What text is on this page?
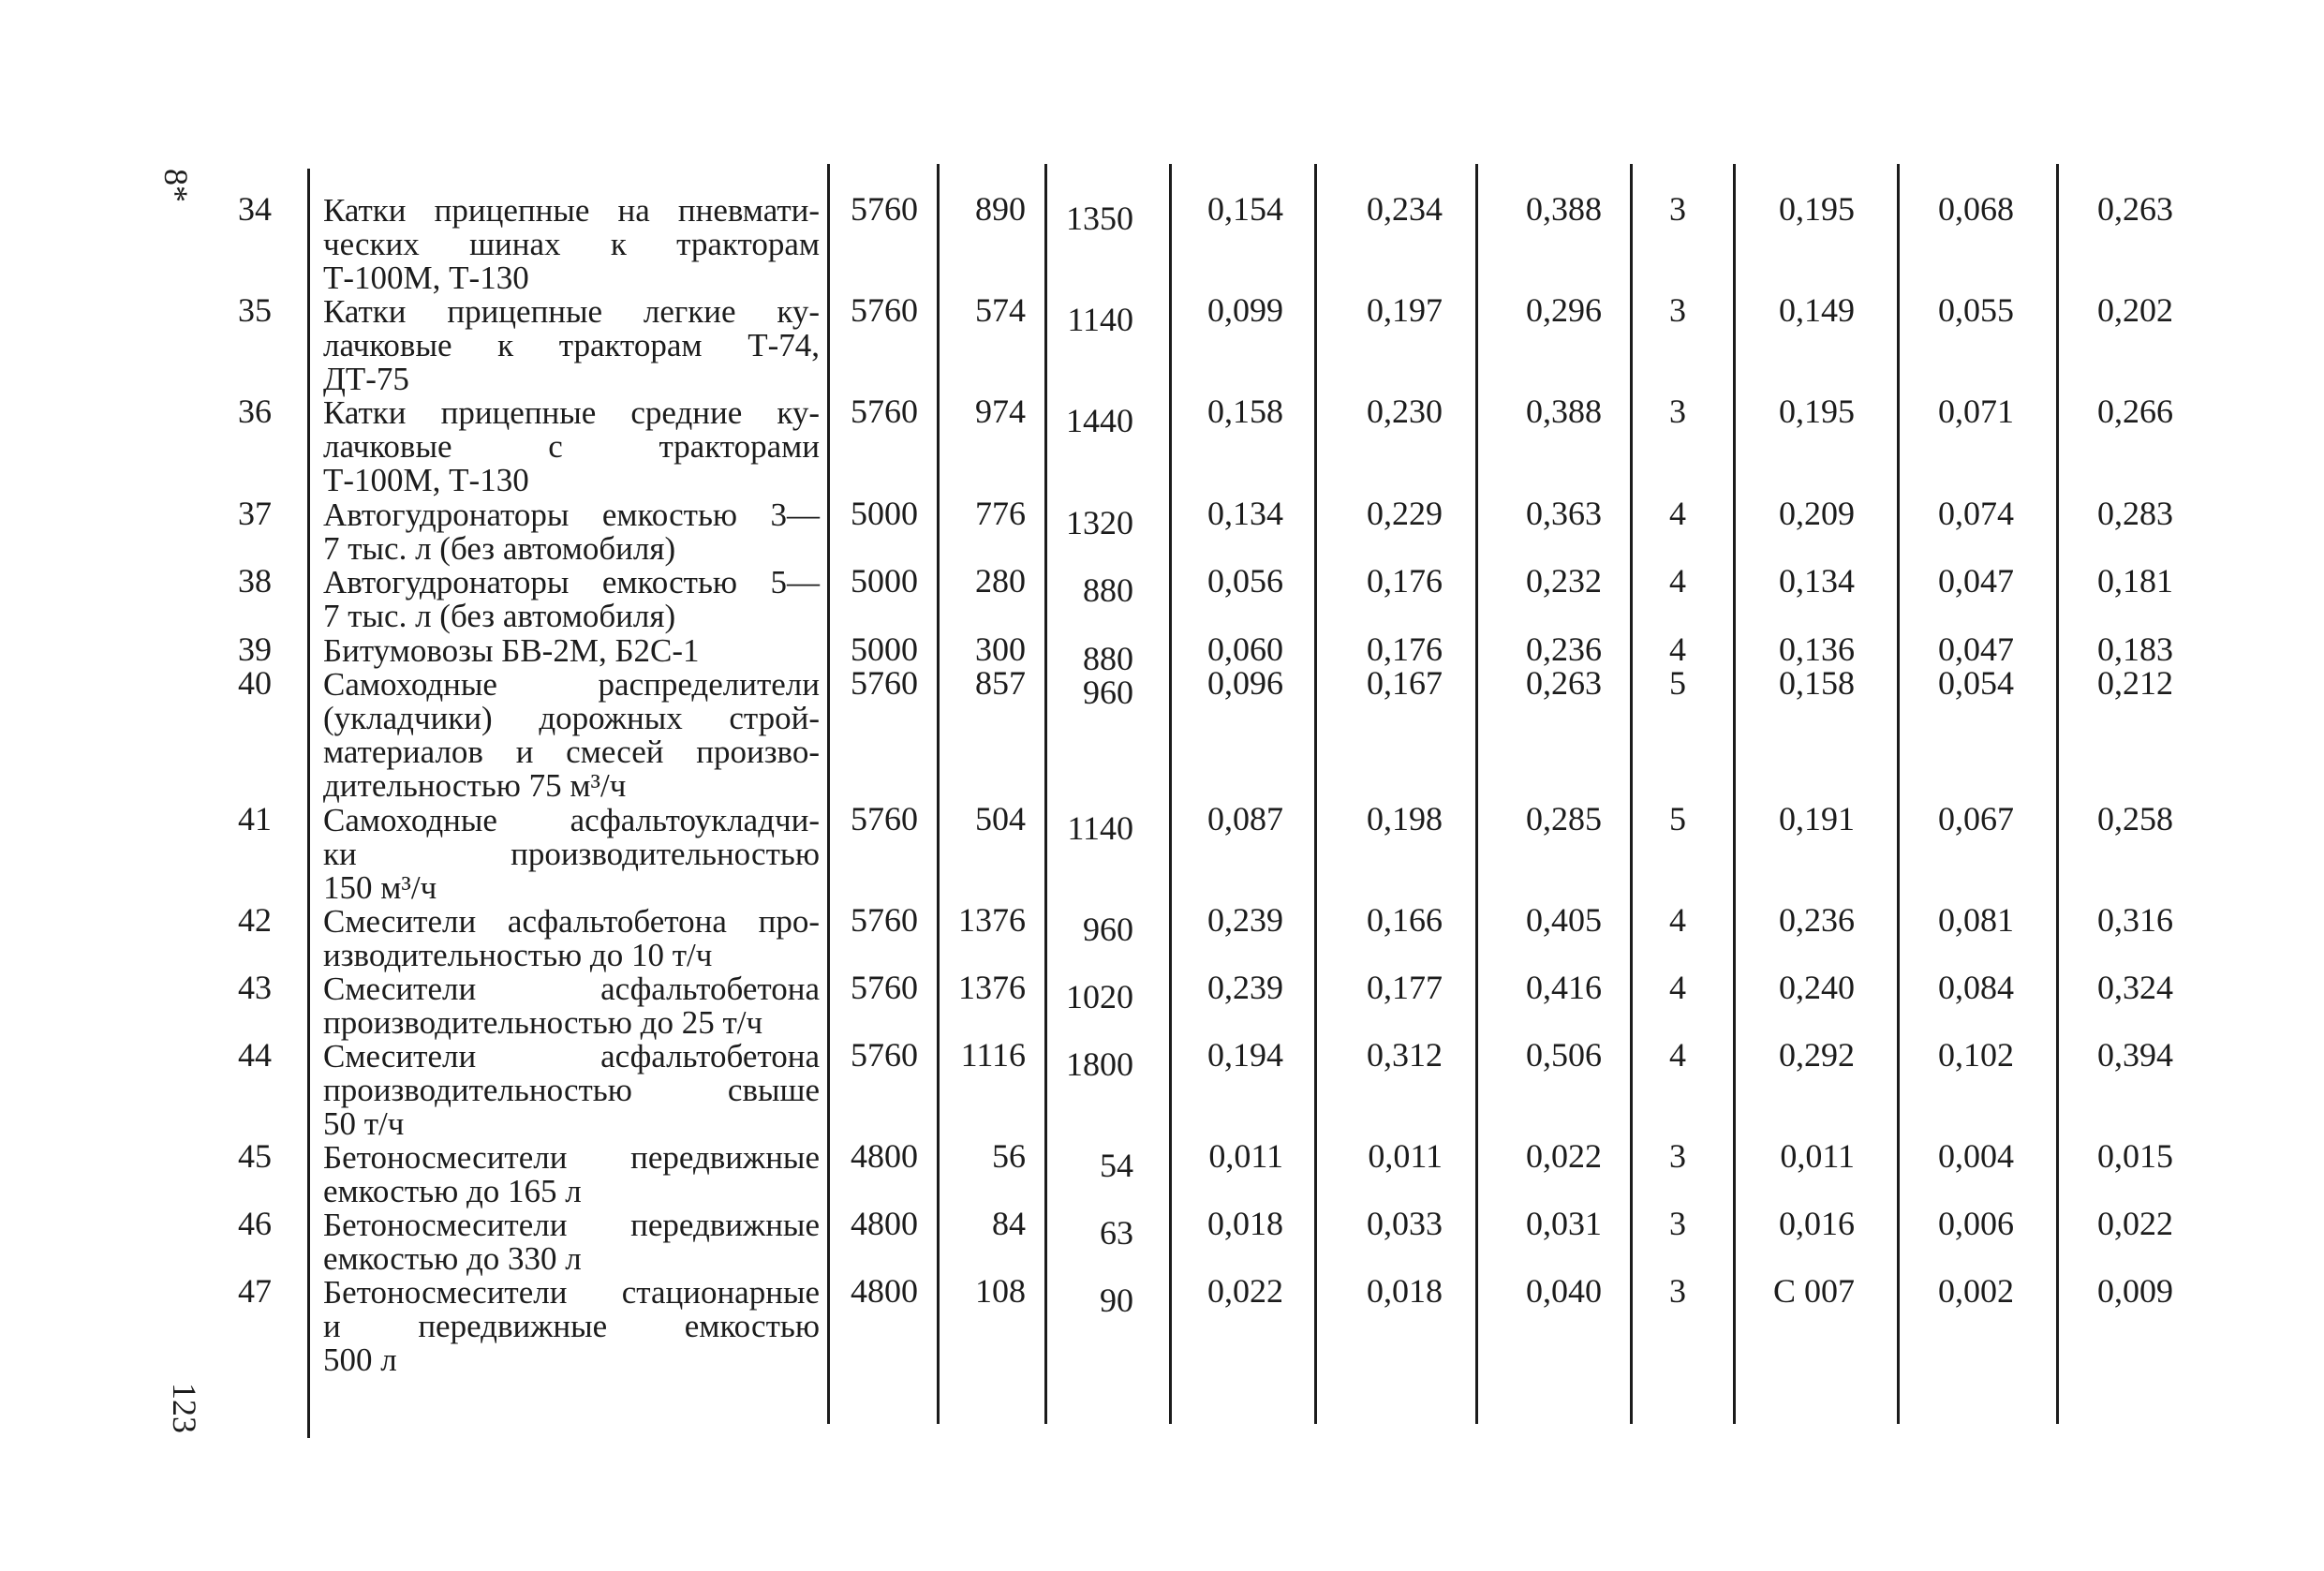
8*
123
34 Катки прицепные на пневмати-
ческих шинах к тракторам
Т-100М, Т-130
5760	890	1350	0,154	0,234	0,388	3	0,195	0,068	0,263
35 Катки прицепные легкие ку-
лачковые к тракторам Т-74,
ДТ-75
5760	574	1140	0,099	0,197	0,296	3	0,149	0,055	0,202
36 Катки прицепные средние ку-
лачковые с тракторами
Т-100М, Т-130
5760	974	1440	0,158	0,230	0,388	3	0,195	0,071	0,266
37 Автогудронаторы емкостью 3—
7 тыс. л (без автомобиля)
5000	776	1320	0,134	0,229	0,363	4	0,209	0,074	0,283
38 Автогудронаторы емкостью 5—
7 тыс. л (без автомобиля)
5000	280	880	0,056	0,176	0,232	4	0,134	0,047	0,181
39 Битумовозы БВ-2М, Б2С-1	5000	300	880	0,060	0,176	0,236	4	0,136	0,047	0,183
40 Самоходные распределители
(укладчики) дорожных строй-
материалов и смесей произво-
дительностью 75 м³/ч
5760	857	960	0,096	0,167	0,263	5	0,158	0,054	0,212
41 Самоходные асфальтоукладчи-
ки производительностью
150 м³/ч
5760	504	1140	0,087	0,198	0,285	5	0,191	0,067	0,258
42 Смесители асфальтобетона про-
изводительностью до 10 т/ч
5760	1376	960	0,239	0,166	0,405	4	0,236	0,081	0,316
43 Смесители асфальтобетона
производительностью до 25 т/ч
5760	1376	1020	0,239	0,177	0,416	4	0,240	0,084	0,324
44 Смесители асфальтобетона
производительностью свыше
50 т/ч
5760	1116	1800	0,194	0,312	0,506	4	0,292	0,102	0,394
45 Бетоносмесители передвижные
емкостью до 165 л
4800	56	54	0,011	0,011	0,022	3	0,011	0,004	0,015
46 Бетоносмесители передвижные
емкостью до 330 л
4800	84	63	0,018	0,033	0,031	3	0,016	0,006	0,022
47 Бетоносмесители стационарные
и передвижные емкостью
500 л
4800	108	90	0,022	0,018	0,040	3	С 007	0,002	0,009
